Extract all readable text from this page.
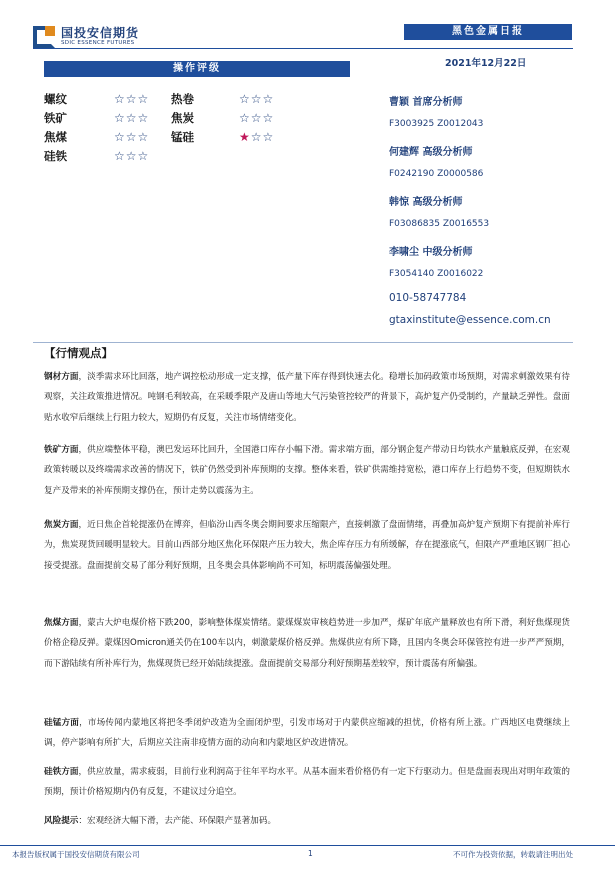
国投安信期货
SDIC ESSENCE FUTURES
黑色金属日报
2021年12月22日
操作评级
螺纹	☆☆☆ 热卷	☆☆☆
铁矿	☆☆☆ 焦炭	☆☆☆
焦煤	☆☆☆ 锰硅	★☆☆
硅铁	☆☆☆
曹颖 首席分析师
F3003925 Z0012043
何建辉 高级分析师
F0242190 Z0000586
韩惊 高级分析师
F03086835 Z0016553
李啸尘 中级分析师
F3054140 Z0016022
010-58747784
gtaxinstitute@essence.com.cn
【行情观点】
钢材方面，淡季需求环比回落，地产调控松动形成一定支撑，低产量下库存得到快速去化。稳增长加码政策市场预期，对需求刺激效果有待观察，关注政策推进情况。吨钢毛利较高，在采暖季限产及唐山等地大气污染管控较严的背景下，高炉复产仍受制约，产量缺乏弹性。盘面贴水收窄后继续上行阻力较大，短期仍有反复，关注市场情绪变化。
铁矿方面，供应端整体平稳，澳巴发运环比回升，全国港口库存小幅下滑。需求端方面，部分钢企复产带动日均铁水产量触底反弹，在宏观政策转暖以及终端需求改善的情况下，铁矿仍然受到补库预期的支撑。整体来看，铁矿供需维持宽松，港口库存上行趋势不变，但短期铁水复产及带来的补库预期支撑仍在，预计走势以震荡为主。
焦炭方面，近日焦企首轮提涨仍在博弈，但临汾山西冬奥会期间要求压缩限产，直接刺激了盘面情绪，再叠加高炉复产预期下有提前补库行为，焦炭现货回暖明显较大。目前山西部分地区焦化环保限产压力较大，焦企库存压力有所缓解，存在提涨底气，但限产严重地区钢厂担心接受提涨。盘面提前交易了部分利好预期，且冬奥会具体影响尚不可知，标明震荡偏强处理。
焦煤方面，蒙古大炉电煤价格下跌200，影响整体煤炭情绪。蒙煤煤炭审核趋势进一步加严，煤矿年底产量释放也有所下滑，利好焦煤现货价格企稳反弹。蒙煤因Omicron通关仍在100车以内，刺激蒙煤价格反弹。焦煤供应有所下降，且国内冬奥会环保管控有进一步严严预期，而下游陆续有所补库行为，焦煤现货已经开始陆续提涨。盘面提前交易部分利好预期基差较窄，预计震荡有所偏强。
硅锰方面，市场传闻内蒙地区将把冬季闭炉改造为全面闭炉型，引发市场对于内蒙供应缩减的担忧，价格有所上涨。广西地区电费继续上调，停产影响有所扩大，后期应关注南非疫情方面的动向和内蒙地区炉改进情况。
硅铁方面，供应放量，需求疲弱，目前行业利润高于往年平均水平。从基本面来看价格仍有一定下行驱动力。但是盘面表现出对明年政策的预期，预计价格短期内仍有反复，不建议过分追空。
风险提示：宏观经济大幅下滑，去产能、环保限产显著加码。
本报告版权属于国投安信期货有限公司	1	不可作为投资依据，转载请注明出处
